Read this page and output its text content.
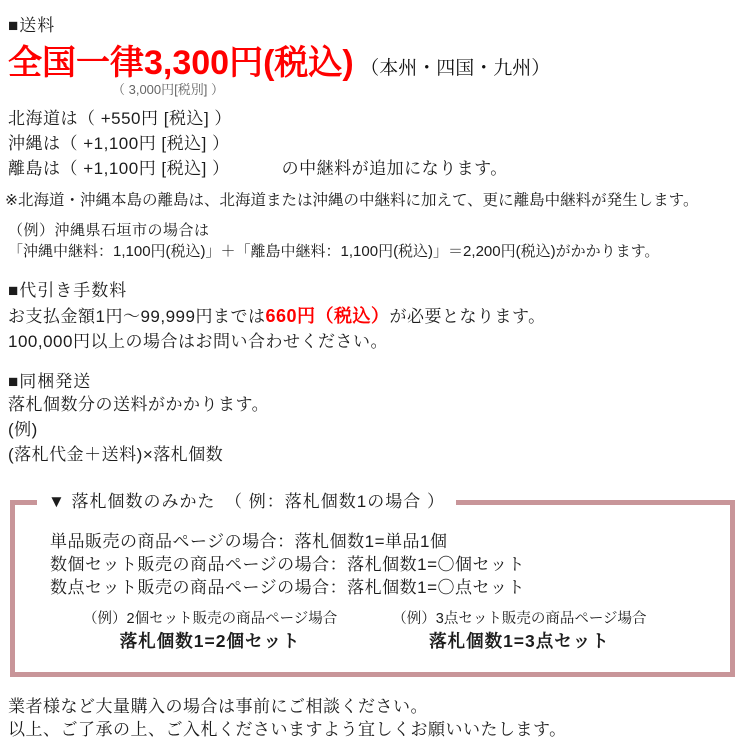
■送料
全国一律3,300円(税込) （本州・四国・九州）
（ 3,000円[税別] ）
北海道は（ +550円 [税込] ）
沖縄は（ +1,100円 [税込] ）
離島は（ +1,100円 [税込] ）	の中継料が追加になります。
※北海道・沖縄本島の離島は、北海道または沖縄の中継料に加えて、更に離島中継料が発生します。
（例）沖縄県石垣市の場合は
「沖縄中継料：1,100円(税込)」＋「離島中継料：1,100円(税込)」＝2,200円(税込)がかかります。
■代引き手数料
お支払金額1円～99,999円までは660円（税込）が必要となります。
100,000円以上の場合はお問い合わせください。
■同梱発送
落札個数分の送料がかかります。
(例)
(落札代金＋送料)×落札個数
▼ 落札個数のみかた　（ 例：落札個数1の場合 ）
単品販売の商品ページの場合：落札個数1=単品1個
数個セット販売の商品ページの場合：落札個数1=〇個セット
数点セット販売の商品ページの場合：落札個数1=〇点セット
（例）2個セット販売の商品ページ場合
落札個数1=2個セット
（例）3点セット販売の商品ページ場合
落札個数1=3点セット
業者様など大量購入の場合は事前にご相談ください。
以上、ご了承の上、ご入札くださいますよう宜しくお願いいたします。
